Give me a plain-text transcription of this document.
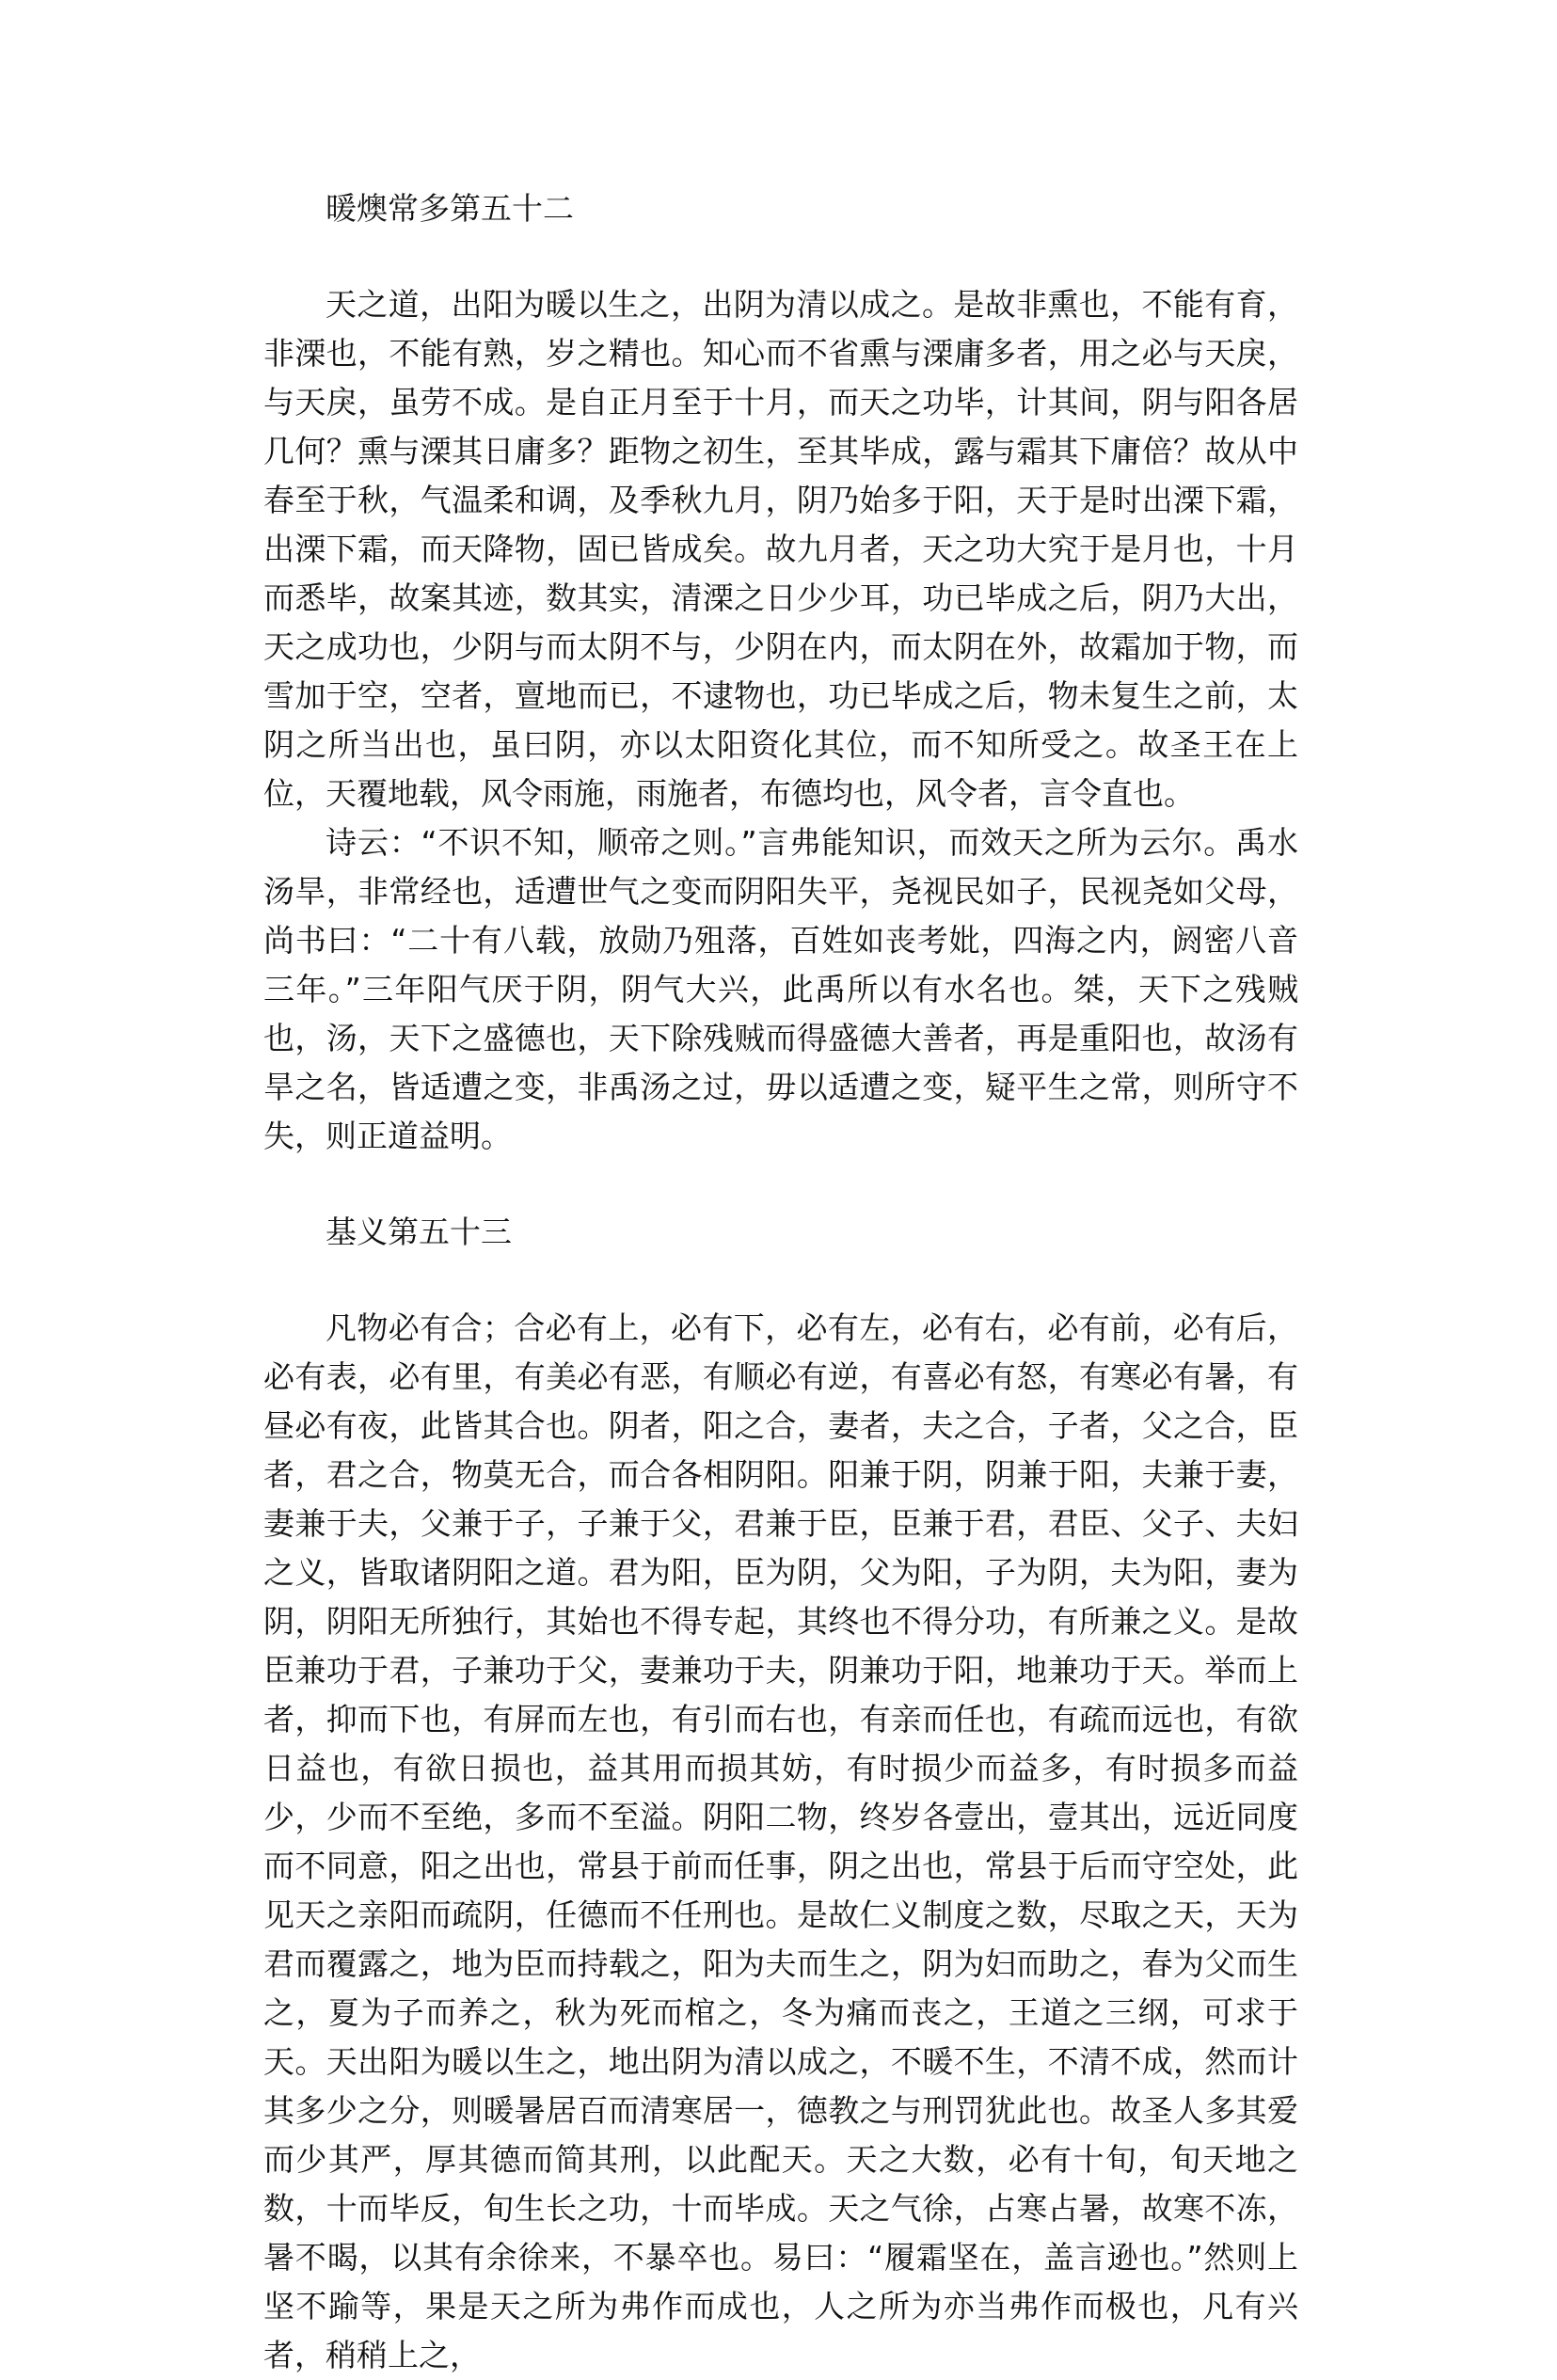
暖燠常多第五十二

天之道，出阳为暖以生之，出阴为清以成之。是故非熏也，不能有育，非溧也，不能有熟，岁之精也。知心而不省熏与溧庸多者，用之必与天戾，与天戾，虽劳不成。是自正月至于十月，而天之功毕，计其间，阴与阳各居几何？熏与溧其日庸多？距物之初生，至其毕成，露与霜其下庸倍？故从中春至于秋，气温柔和调，及季秋九月，阴乃始多于阳，天于是时出溧下霜，出溧下霜，而天降物，固已皆成矣。故九月者，天之功大究于是月也，十月而悉毕，故案其迹，数其实，清溧之日少少耳，功已毕成之后，阴乃大出，天之成功也，少阴与而太阴不与，少阴在内，而太阴在外，故霜加于物，而雪加于空，空者，亶地而已，不逮物也，功已毕成之后，物未复生之前，太阴之所当出也，虽曰阴，亦以太阳资化其位，而不知所受之。故圣王在上位，天覆地载，风令雨施，雨施者，布德均也，风令者，言令直也。

诗云：“不识不知，顺帝之则。”言弗能知识，而效天之所为云尔。禹水汤旱，非常经也，适遭世气之变而阴阳失平，尧视民如子，民视尧如父母，尚书曰：“二十有八载，放勋乃殂落，百姓如丧考妣，四海之内，阏密八音三年。”三年阳气厌于阴，阴气大兴，此禹所以有水名也。桀，天下之残贼也，汤，天下之盛德也，天下除残贼而得盛德大善者，再是重阳也，故汤有旱之名，皆适遭之变，非禹汤之过，毋以适遭之变，疑平生之常，则所守不失，则正道益明。

基义第五十三

凡物必有合；合必有上，必有下，必有左，必有右，必有前，必有后，必有表，必有里，有美必有恶，有顺必有逆，有喜必有怒，有寒必有暑，有昼必有夜，此皆其合也。阴者，阳之合，妻者，夫之合，子者，父之合，臣者，君之合，物莫无合，而合各相阴阳。阳兼于阴，阴兼于阳，夫兼于妻，妻兼于夫，父兼于子，子兼于父，君兼于臣，臣兼于君，君臣、父子、夫妇之义，皆取诸阴阳之道。君为阳，臣为阴，父为阳，子为阴，夫为阳，妻为阴，阴阳无所独行，其始也不得专起，其终也不得分功，有所兼之义。是故臣兼功于君，子兼功于父，妻兼功于夫，阴兼功于阳，地兼功于天。举而上者，抑而下也，有屏而左也，有引而右也，有亲而任也，有疏而远也，有欲日益也，有欲日损也，益其用而损其妨，有时损少而益多，有时损多而益少，少而不至绝，多而不至溢。阴阳二物，终岁各壹出，壹其出，远近同度而不同意，阳之出也，常县于前而任事，阴之出也，常县于后而守空处，此见天之亲阳而疏阴，任德而不任刑也。是故仁义制度之数，尽取之天，天为君而覆露之，地为臣而持载之，阳为夫而生之，阴为妇而助之，春为父而生之，夏为子而养之，秋为死而棺之，冬为痛而丧之，王道之三纲，可求于天。天出阳为暖以生之，地出阴为清以成之，不暖不生，不清不成，然而计其多少之分，则暖暑居百而清寒居一，德教之与刑罚犹此也。故圣人多其爱而少其严，厚其德而简其刑，以此配天。天之大数，必有十旬，旬天地之数，十而毕反，旬生长之功，十而毕成。天之气徐，占寒占暑，故寒不冻，暑不暍，以其有余徐来，不暴卒也。易曰：“履霜坚在，盖言逊也。”然则上坚不踰等，果是天之所为弗作而成也，人之所为亦当弗作而极也，凡有兴者，稍稍上之，
